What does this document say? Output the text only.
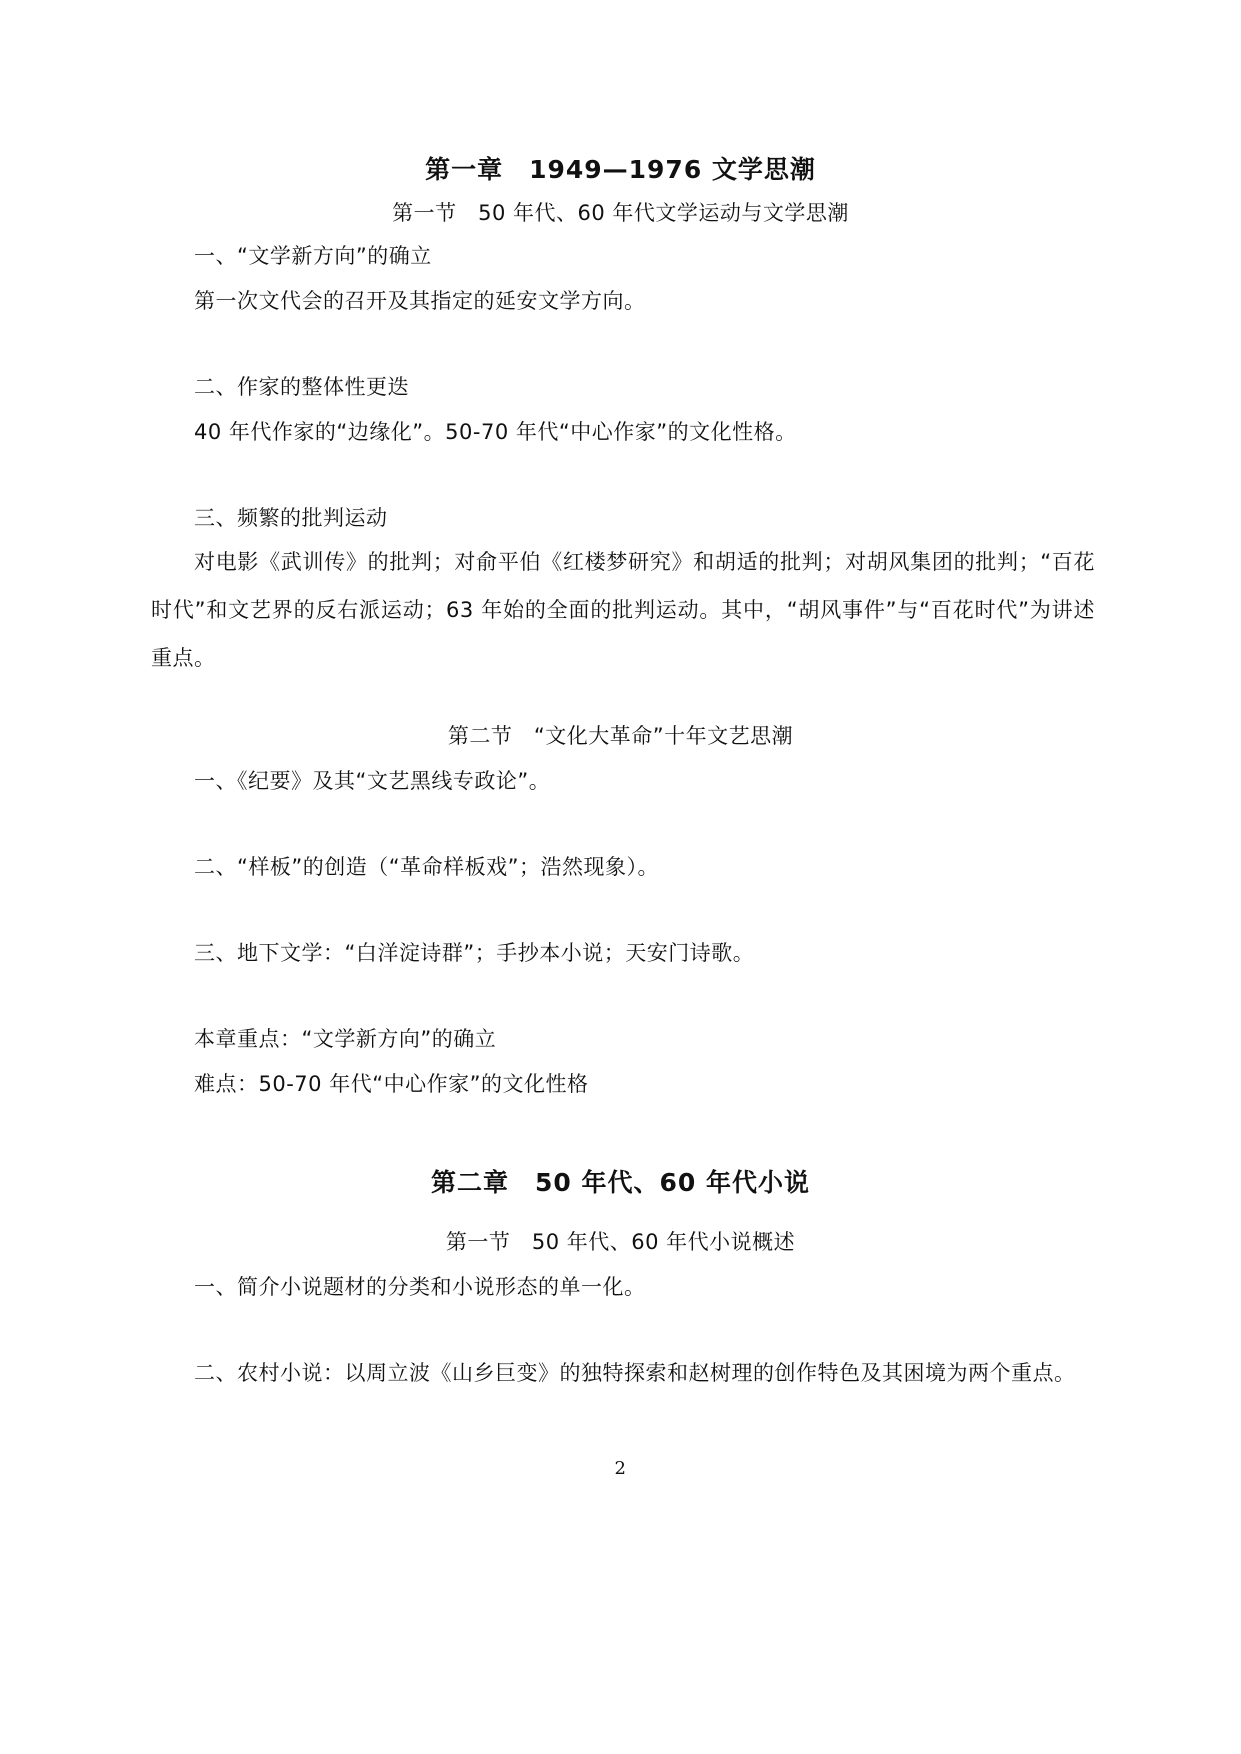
第一章　1949—1976 文学思潮
第一节　50 年代、60 年代文学运动与文学思潮
一、“文学新方向”的确立
第一次文代会的召开及其指定的延安文学方向。
二、作家的整体性更迭
40 年代作家的“边缘化”。50-70 年代“中心作家”的文化性格。
三、频繁的批判运动
对电影《武训传》的批判；对俞平伯《红楼梦研究》和胡适的批判；对胡风集团的批判；“百花时代”和文艺界的反右派运动；63 年始的全面的批判运动。其中，“胡风事件”与“百花时代”为讲述重点。
第二节　“文化大革命”十年文艺思潮
一、《纪要》及其“文艺黑线专政论”。
二、“样板”的创造（“革命样板戏”；浩然现象）。
三、地下文学：“白洋淀诗群”；手抄本小说；天安门诗歌。
本章重点：“文学新方向”的确立
难点：50-70 年代“中心作家”的文化性格
第二章　50 年代、60 年代小说
第一节　50 年代、60 年代小说概述
一、简介小说题材的分类和小说形态的单一化。
二、农村小说：以周立波《山乡巨变》的独特探索和赵树理的创作特色及其困境为两个重点。
2
